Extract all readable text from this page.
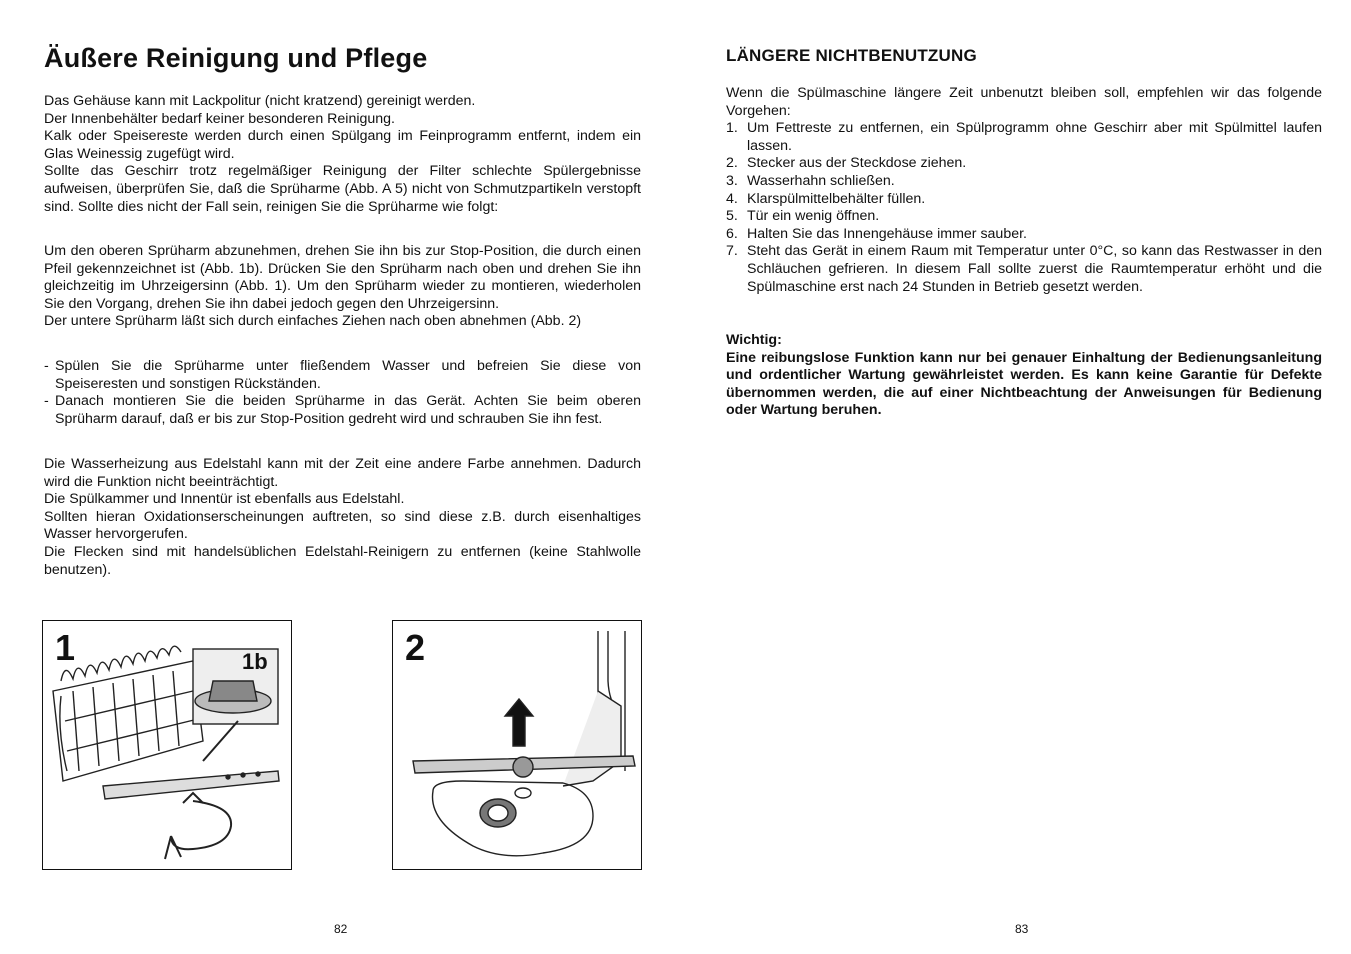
Äußere Reinigung und Pflege

Das Gehäuse kann mit Lackpolitur (nicht kratzend) gereinigt werden.

Der Innenbehälter bedarf keiner besonderen Reinigung.

Kalk oder Speisereste werden durch einen Spülgang im Feinprogramm entfernt, indem ein Glas Weinessig zugefügt wird.

Sollte das Geschirr trotz regelmäßiger Reinigung der Filter schlechte Spülergebnisse aufweisen, überprüfen Sie, daß die Sprüharme (Abb. A 5) nicht von Schmutzpartikeln verstopft sind. Sollte dies nicht der Fall sein, reinigen Sie die Sprüharme wie folgt:

Um den oberen Sprüharm abzunehmen, drehen Sie ihn bis zur Stop-Position, die durch einen Pfeil gekennzeichnet ist (Abb. 1b). Drücken Sie den Sprüharm nach oben und drehen Sie ihn gleichzeitig im Uhrzeigersinn (Abb. 1). Um den Sprüharm wieder zu montieren, wiederholen Sie den Vorgang, drehen Sie ihn dabei jedoch gegen den Uhrzeigersinn.

Der untere Sprüharm läßt sich durch einfaches Ziehen nach oben abnehmen (Abb. 2)

- Spülen Sie die Sprüharme unter fließendem Wasser und befreien Sie diese von Speiseresten und sonstigen Rückständen.
- Danach montieren Sie die beiden Sprüharme in das Gerät. Achten Sie beim oberen Sprüharm darauf, daß er bis zur Stop-Position gedreht wird und schrauben Sie ihn fest.

Die Wasserheizung aus Edelstahl kann mit der Zeit eine andere Farbe annehmen. Dadurch wird die Funktion nicht beeinträchtigt.

Die Spülkammer und Innentür ist ebenfalls aus Edelstahl.

Sollten hieran Oxidationserscheinungen auftreten, so sind diese z.B. durch eisenhaltiges Wasser hervorgerufen.

Die Flecken sind mit handelsüblichen Edelstahl-Reinigern zu entfernen (keine Stahlwolle benutzen).

1	1b	2
82
LÄNGERE NICHTBENUTZUNG

Wenn die Spülmaschine längere Zeit unbenutzt bleiben soll, empfehlen wir das folgende Vorgehen:

1. Um Fettreste zu entfernen, ein Spülprogramm ohne Geschirr aber mit Spülmittel laufen lassen.
2. Stecker aus der Steckdose ziehen.
3. Wasserhahn schließen.
4. Klarspülmittelbehälter füllen.
5. Tür ein wenig öffnen.
6. Halten Sie das Innengehäuse immer sauber.
7. Steht das Gerät in einem Raum mit Temperatur unter 0°C, so kann das Restwasser in den Schläuchen gefrieren. In diesem Fall sollte zuerst die Raumtemperatur erhöht und die Spülmaschine erst nach 24 Stunden in Betrieb gesetzt werden.

Wichtig:

Eine reibungslose Funktion kann nur bei genauer Einhaltung der Bedienungsanleitung und ordentlicher Wartung gewährleistet werden. Es kann keine Garantie für Defekte übernommen werden, die auf einer Nichtbeachtung der Anweisungen für Bedienung oder Wartung beruhen.

83
